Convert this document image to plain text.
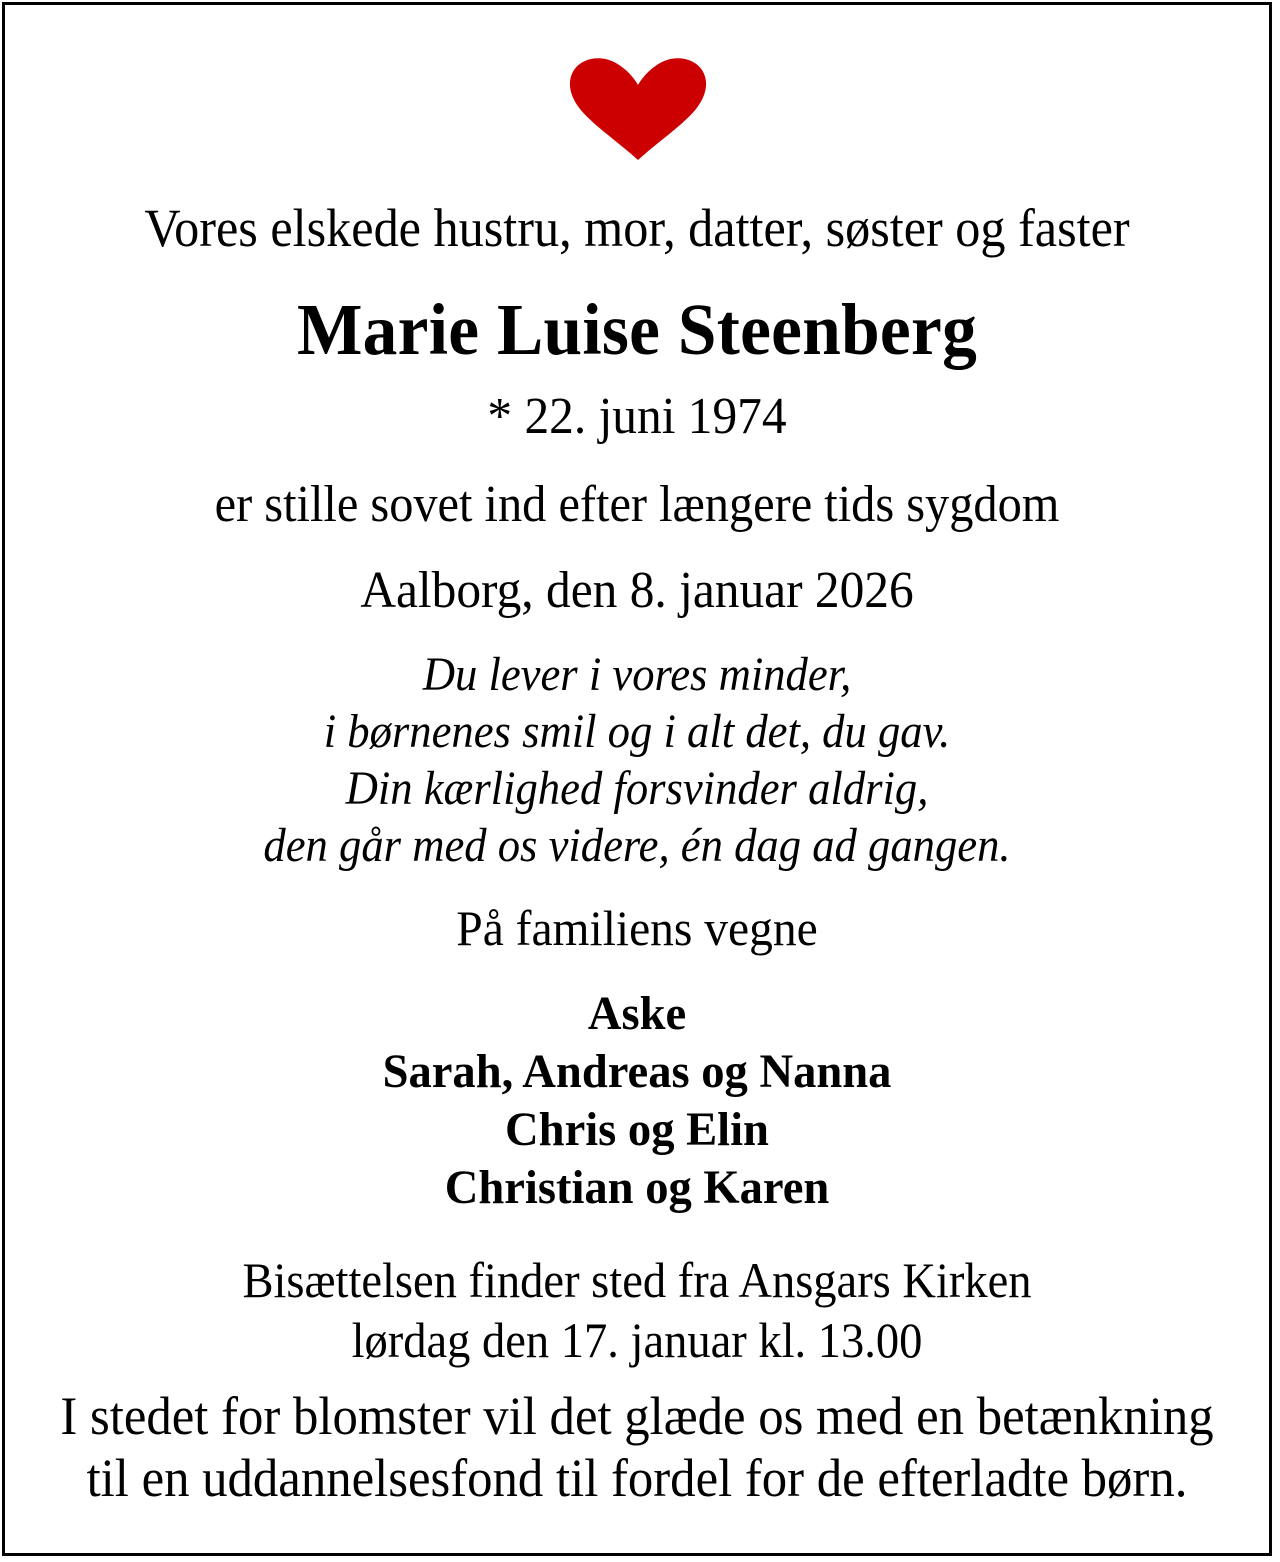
Vores elskede hustru, mor, datter, søster og faster
Marie Luise Steenberg
* 22. juni 1974
er stille sovet ind efter længere tids sygdom
Aalborg, den 8. januar 2026
Du lever i vores minder,
i børnenes smil og i alt det, du gav.
Din kærlighed forsvinder aldrig,
den går med os videre, én dag ad gangen.
På familiens vegne
Aske
Sarah, Andreas og Nanna
Chris og Elin
Christian og Karen
Bisættelsen finder sted fra Ansgars Kirken
lørdag den 17. januar kl. 13.00
I stedet for blomster vil det glæde os med en betænkning
til en uddannelsesfond til fordel for de efterladte børn.
